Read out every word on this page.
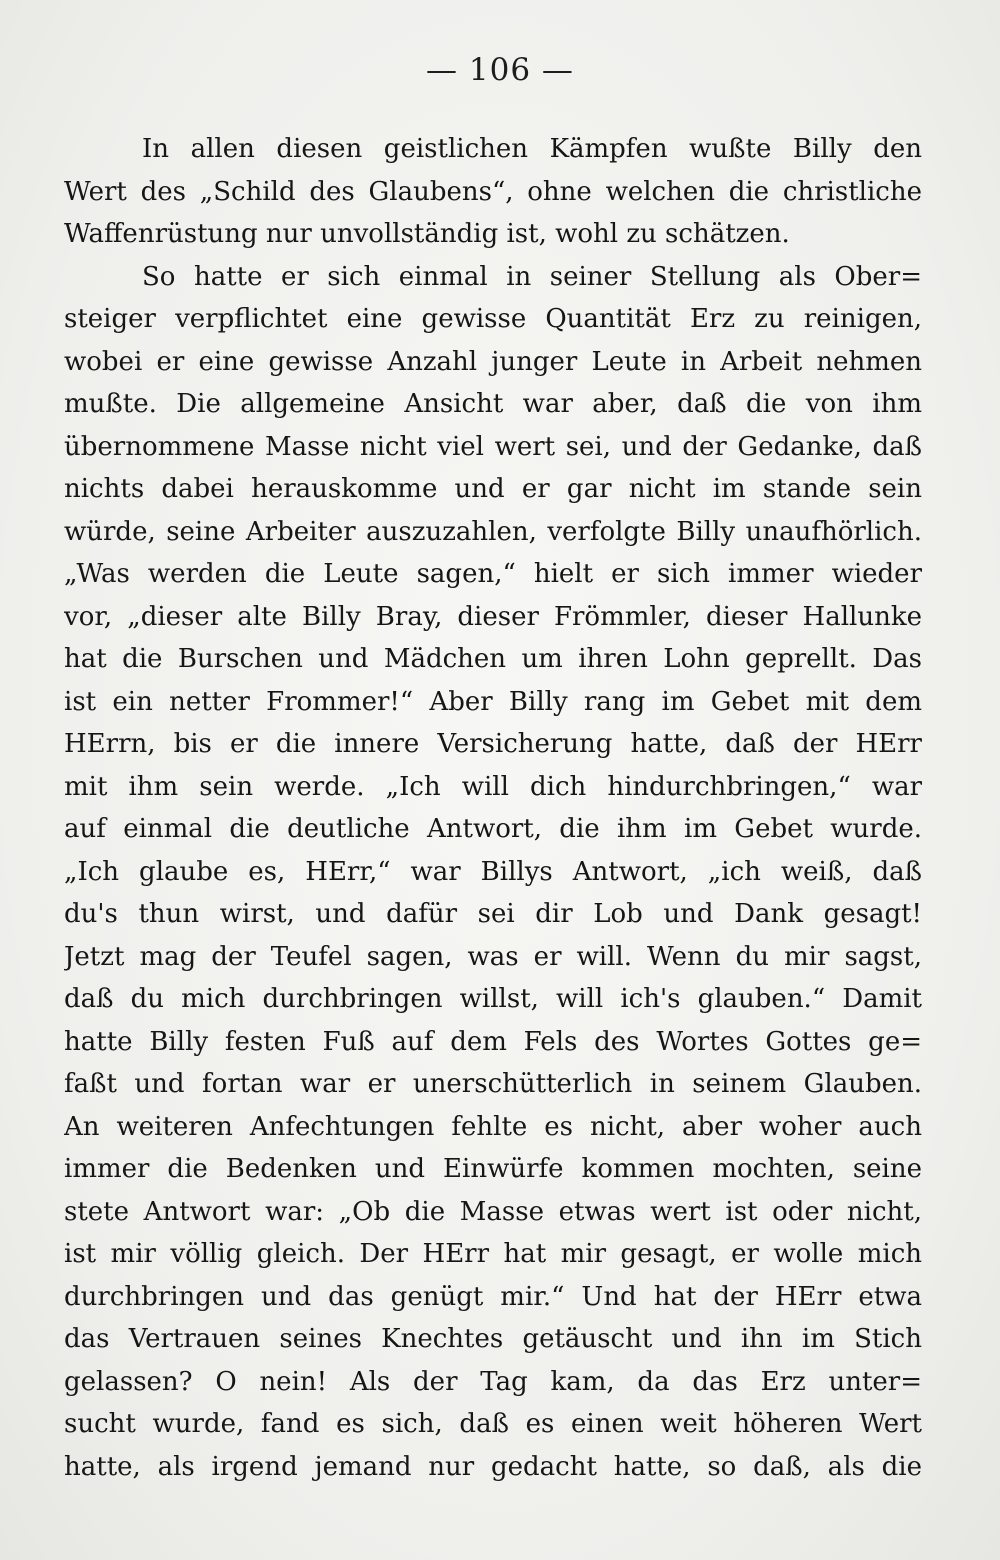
— 106 —
In allen diesen geistlichen Kämpfen wußte Billy den
Wert des „Schild des Glaubens“, ohne welchen die christliche
Waffenrüstung nur unvollständig ist, wohl zu schätzen.
So hatte er sich einmal in seiner Stellung als Ober=
steiger verpflichtet eine gewisse Quantität Erz zu reinigen,
wobei er eine gewisse Anzahl junger Leute in Arbeit nehmen
mußte. Die allgemeine Ansicht war aber, daß die von ihm
übernommene Masse nicht viel wert sei, und der Gedanke, daß
nichts dabei herauskomme und er gar nicht im stande sein
würde, seine Arbeiter auszuzahlen, verfolgte Billy unaufhörlich.
„Was werden die Leute sagen,“ hielt er sich immer wieder
vor, „dieser alte Billy Bray, dieser Frömmler, dieser Hallunke
hat die Burschen und Mädchen um ihren Lohn geprellt. Das
ist ein netter Frommer!“ Aber Billy rang im Gebet mit dem
HErrn, bis er die innere Versicherung hatte, daß der HErr
mit ihm sein werde. „Ich will dich hindurchbringen,“ war
auf einmal die deutliche Antwort, die ihm im Gebet wurde.
„Ich glaube es, HErr,“ war Billys Antwort, „ich weiß, daß
du's thun wirst, und dafür sei dir Lob und Dank gesagt!
Jetzt mag der Teufel sagen, was er will. Wenn du mir sagst,
daß du mich durchbringen willst, will ich's glauben.“ Damit
hatte Billy festen Fuß auf dem Fels des Wortes Gottes ge=
faßt und fortan war er unerschütterlich in seinem Glauben.
An weiteren Anfechtungen fehlte es nicht, aber woher auch
immer die Bedenken und Einwürfe kommen mochten, seine
stete Antwort war: „Ob die Masse etwas wert ist oder nicht,
ist mir völlig gleich. Der HErr hat mir gesagt, er wolle mich
durchbringen und das genügt mir.“ Und hat der HErr etwa
das Vertrauen seines Knechtes getäuscht und ihn im Stich
gelassen? O nein! Als der Tag kam, da das Erz unter=
sucht wurde, fand es sich, daß es einen weit höheren Wert
hatte, als irgend jemand nur gedacht hatte, so daß, als die
